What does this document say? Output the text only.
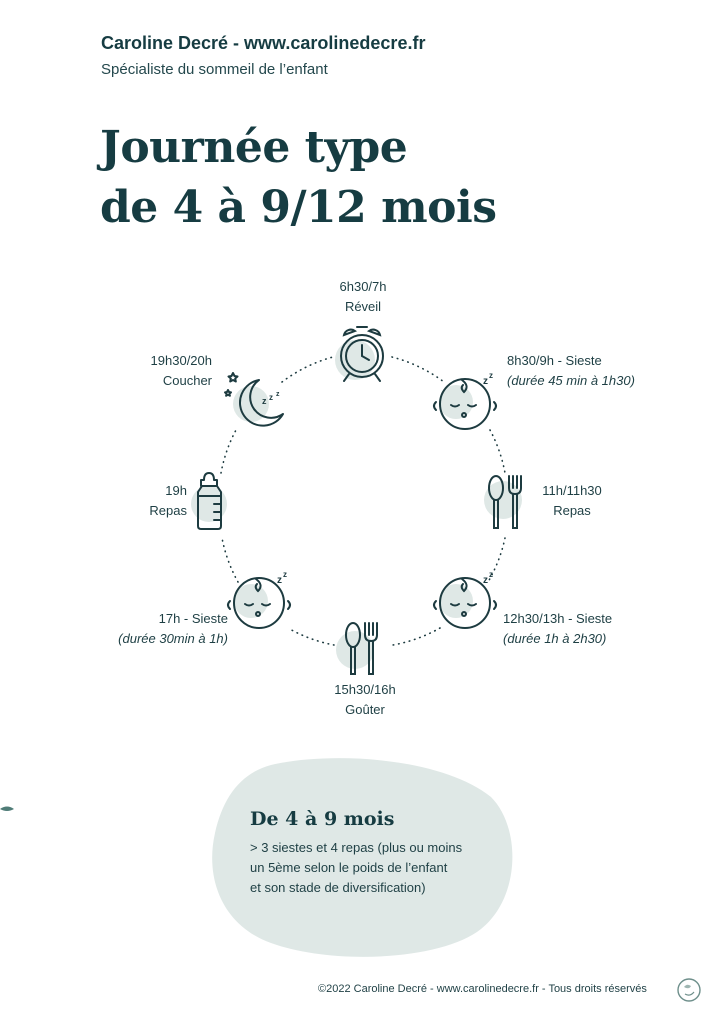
Caroline Decré - www.carolinedecre.fr
Spécialiste du sommeil de l’enfant
Journée type
de 4 à 9/12 mois
z
z
z
z
z
z
z z z
6h30/7h
Réveil
8h30/9h - Sieste
(durée 45 min à 1h30)
11h/11h30
Repas
12h30/13h - Sieste
(durée 1h à 2h30)
15h30/16h
Goûter
17h - Sieste
(durée 30min à 1h)
19h
Repas
19h30/20h
Coucher
De 4 à 9 mois
> 3 siestes et 4 repas (plus ou moins
un 5ème selon le poids de l’enfant
et son stade de diversification)
©2022 Caroline Decré - www.carolinedecre.fr - Tous droits réservés
